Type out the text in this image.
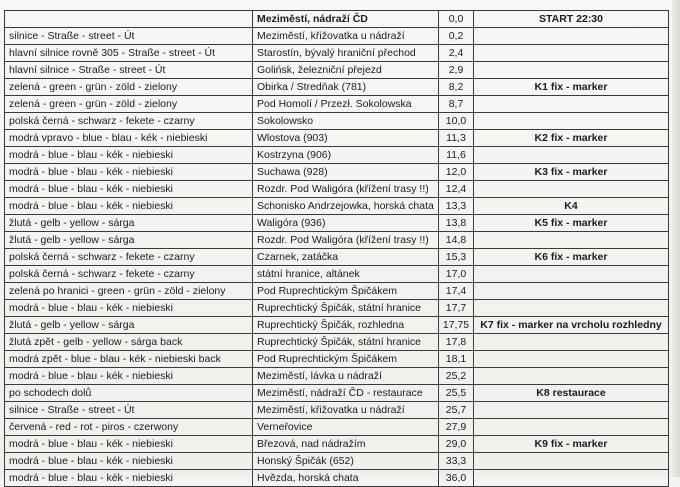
	Meziměstí, nádraží ČD	0,0	START 22:30
silnice - Straße - street - Út	Meziměstí, křižovatka u nádraží	0,2	
hlavní silnice rovně 305 - Straße - street - Út	Starostín, bývalý hraniční přechod	2,4	
hlavní silnice - Straße - street - Út	Golińsk, železniční přejezd	2,9	
zelená - green - grün - zöld - zielony	Obirka / Stredňak (781)	8,2	K1 fix - marker
zelená - green - grün - zöld - zielony	Pod Homolí / Przezł. Sokolowska	8,7	
polská černá - schwarz - fekete - czarny	Sokolowsko	10,0	
modrá vpravo - blue - blau - kék - niebieski	Wlostova (903)	11,3	K2 fix - marker
modrá - blue - blau - kék - niebieski	Kostrzyna (906)	11,6	
modrá - blue - blau - kék - niebieski	Suchawa (928)	12,0	K3 fix - marker
modrá - blue - blau - kék - niebieski	Rozdr. Pod Waligóra (křížení trasy !!)	12,4	
modrá - blue - blau - kék - niebieski	Schonisko Andrzejowka, horská chata	13,3	K4
žlutá - gelb - yellow - sárga	Waligóra (936)	13,8	K5 fix - marker
žlutá - gelb - yellow - sárga	Rozdr. Pod Waligóra (křížení trasy !!)	14,8	
polská černá - schwarz - fekete - czarny	Czarnek, zatáčka	15,3	K6 fix - marker
polská černá - schwarz - fekete - czarny	státní hranice, altánek	17,0	
zelená po hranici - green - grün - zöld - zielony	Pod Ruprechtickým Špičákem	17,4	
modrá - blue - blau - kék - niebieski	Ruprechtický Špičák, státní hranice	17,7	
žlutá - gelb - yellow - sárga	Ruprechtický Špičák, rozhledna	17,75	K7 fix - marker na vrcholu rozhledny
žlutá zpět - gelb - yellow - sárga back	Ruprechtický Špičák, státní hranice	17,8	
modrá zpět - blue - blau - kék - niebieski back	Pod Ruprechtickým Špičákem	18,1	
modrá - blue - blau - kék - niebieski	Meziměstí, lávka u nádraží	25,2	
po schodech dolů	Meziměstí, nádraží ČD - restaurace	25,5	K8 restaurace
silnice - Straße - street - Út	Meziměstí, křižovatka u nádraží	25,7	
červená - red - rot - piros - czerwony	Verneřovice	27,9	
modrá - blue - blau - kék - niebieski	Březová, nad nádražím	29,0	K9 fix - marker
modrá - blue - blau - kék - niebieski	Honský Špičák (652)	33,3	
modrá - blue - blau - kék - niebieski	Hvězda, horská chata	36,0	
